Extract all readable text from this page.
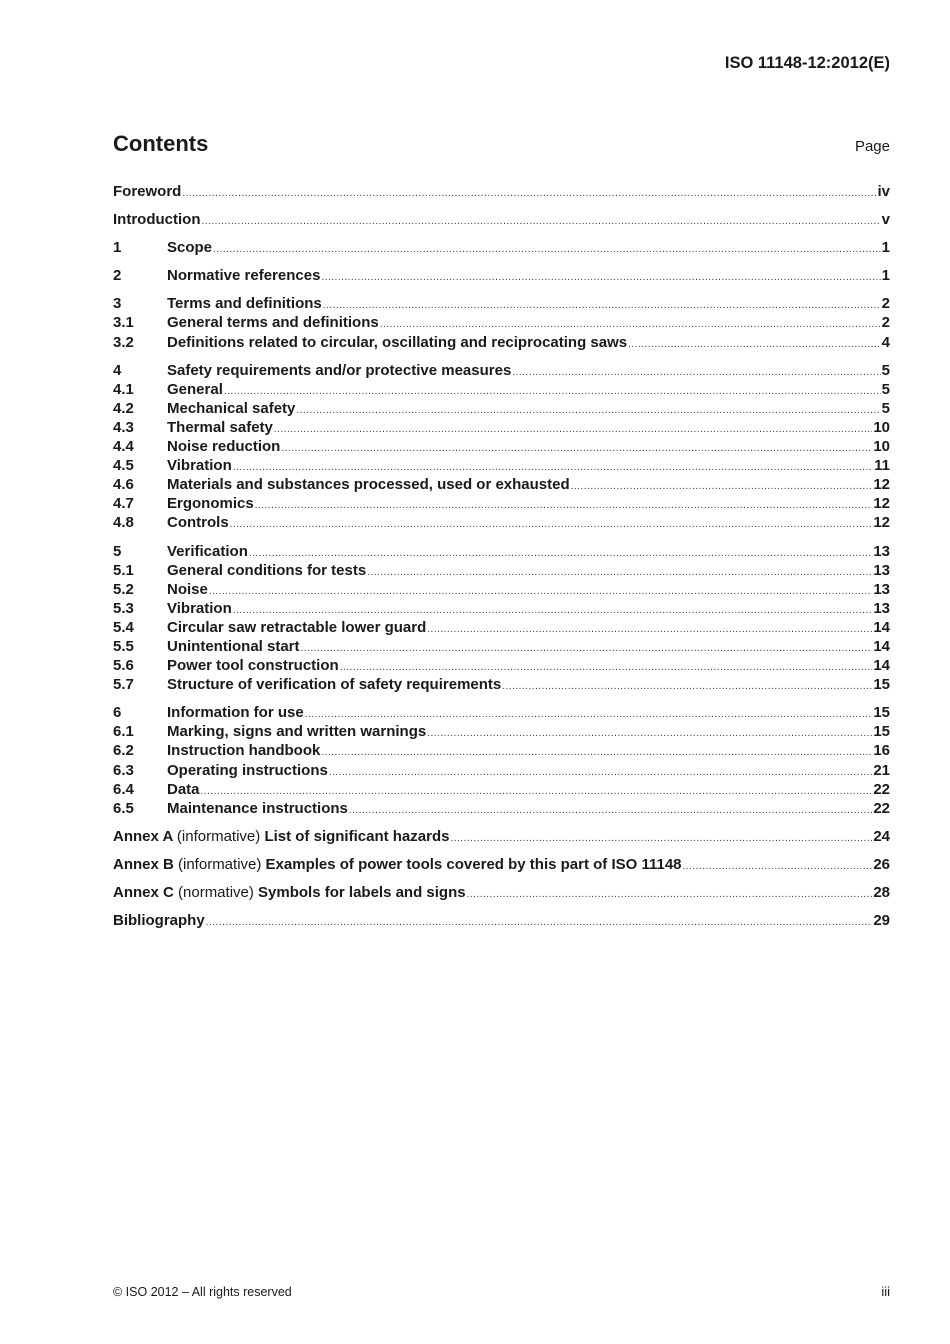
ISO 11148-12:2012(E)
Contents	Page
Foreword .....	iv
Introduction .....	v
1	Scope .....	1
2	Normative references .....	1
3	Terms and definitions .....	2
3.1	General terms and definitions .....	2
3.2	Definitions related to circular, oscillating and reciprocating saws .....	4
4	Safety requirements and/or protective measures .....	5
4.1	General .....	5
4.2	Mechanical safety .....	5
4.3	Thermal safety .....	10
4.4	Noise reduction .....	10
4.5	Vibration .....	11
4.6	Materials and substances processed, used or exhausted .....	12
4.7	Ergonomics .....	12
4.8	Controls .....	12
5	Verification .....	13
5.1	General conditions for tests .....	13
5.2	Noise .....	13
5.3	Vibration .....	13
5.4	Circular saw retractable lower guard .....	14
5.5	Unintentional start .....	14
5.6	Power tool construction .....	14
5.7	Structure of verification of safety requirements .....	15
6	Information for use .....	15
6.1	Marking, signs and written warnings .....	15
6.2	Instruction handbook .....	16
6.3	Operating instructions .....	21
6.4	Data .....	22
6.5	Maintenance instructions .....	22
Annex A (informative) List of significant hazards .....	24
Annex B (informative) Examples of power tools covered by this part of ISO 11148 .....	26
Annex C (normative) Symbols for labels and signs .....	28
Bibliography .....	29
© ISO 2012 – All rights reserved	iii
